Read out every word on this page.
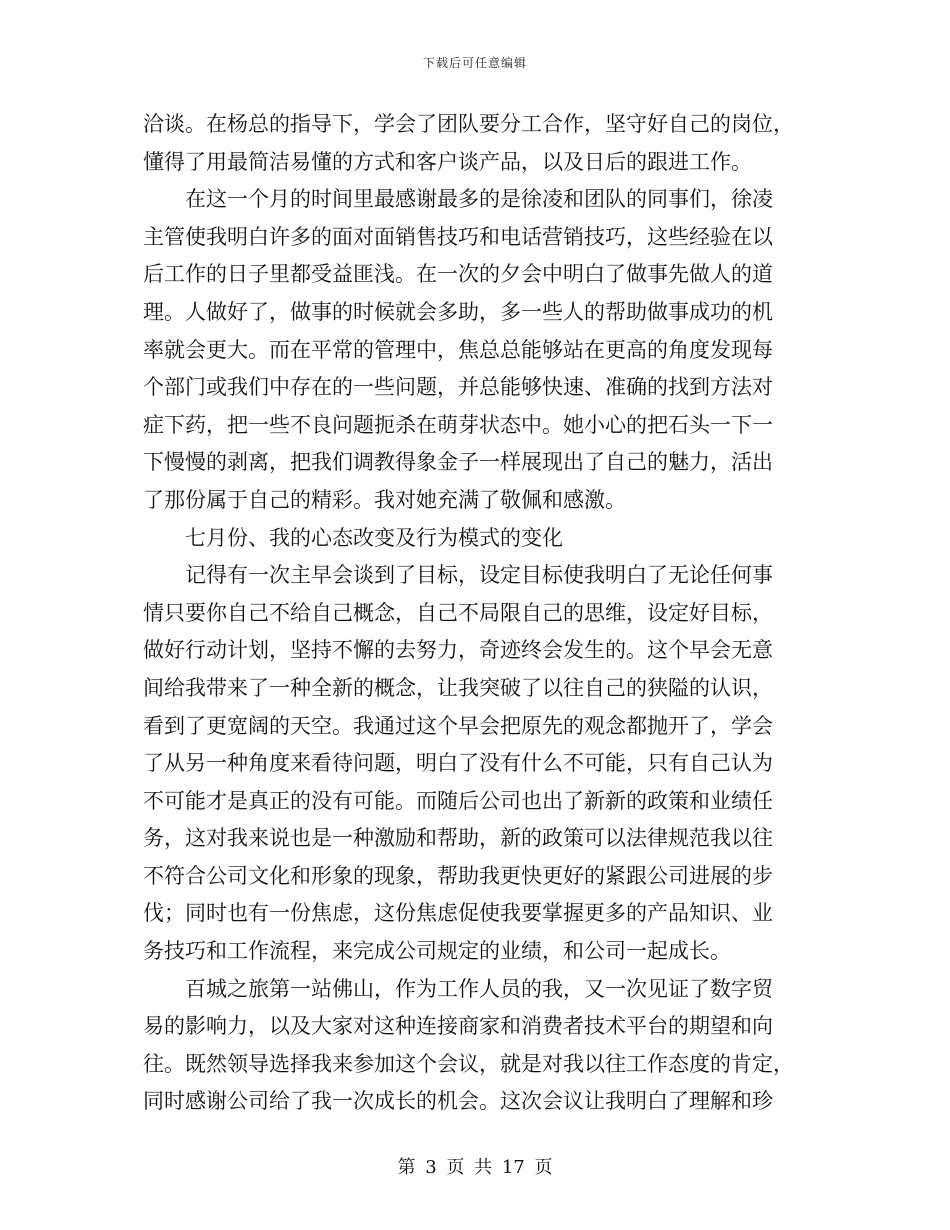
下载后可任意编辑
洽谈。在杨总的指导下，学会了团队要分工合作，坚守好自己的岗位，
懂得了用最简洁易懂的方式和客户谈产品，以及日后的跟进工作。
在这一个月的时间里最感谢最多的是徐凌和团队的同事们，徐凌
主管使我明白许多的面对面销售技巧和电话营销技巧，这些经验在以
后工作的日子里都受益匪浅。在一次的夕会中明白了做事先做人的道
理。人做好了，做事的时候就会多助，多一些人的帮助做事成功的机
率就会更大。而在平常的管理中，焦总总能够站在更高的角度发现每
个部门或我们中存在的一些问题，并总能够快速、准确的找到方法对
症下药，把一些不良问题扼杀在萌芽状态中。她小心的把石头一下一
下慢慢的剥离，把我们调教得象金子一样展现出了自己的魅力，活出
了那份属于自己的精彩。我对她充满了敬佩和感激。
七月份、我的心态改变及行为模式的变化
记得有一次主早会谈到了目标，设定目标使我明白了无论任何事
情只要你自己不给自己概念，自己不局限自己的思维，设定好目标，
做好行动计划，坚持不懈的去努力，奇迹终会发生的。这个早会无意
间给我带来了一种全新的概念，让我突破了以往自己的狭隘的认识，
看到了更宽阔的天空。我通过这个早会把原先的观念都抛开了，学会
了从另一种角度来看待问题，明白了没有什么不可能，只有自己认为
不可能才是真正的没有可能。而随后公司也出了新新的政策和业绩任
务，这对我来说也是一种激励和帮助，新的政策可以法律规范我以往
不符合公司文化和形象的现象，帮助我更快更好的紧跟公司进展的步
伐；同时也有一份焦虑，这份焦虑促使我要掌握更多的产品知识、业
务技巧和工作流程，来完成公司规定的业绩，和公司一起成长。
百城之旅第一站佛山，作为工作人员的我，又一次见证了数字贸
易的影响力，以及大家对这种连接商家和消费者技术平台的期望和向
往。既然领导选择我来参加这个会议，就是对我以往工作态度的肯定，
同时感谢公司给了我一次成长的机会。这次会议让我明白了理解和珍
第 3 页 共 17 页
